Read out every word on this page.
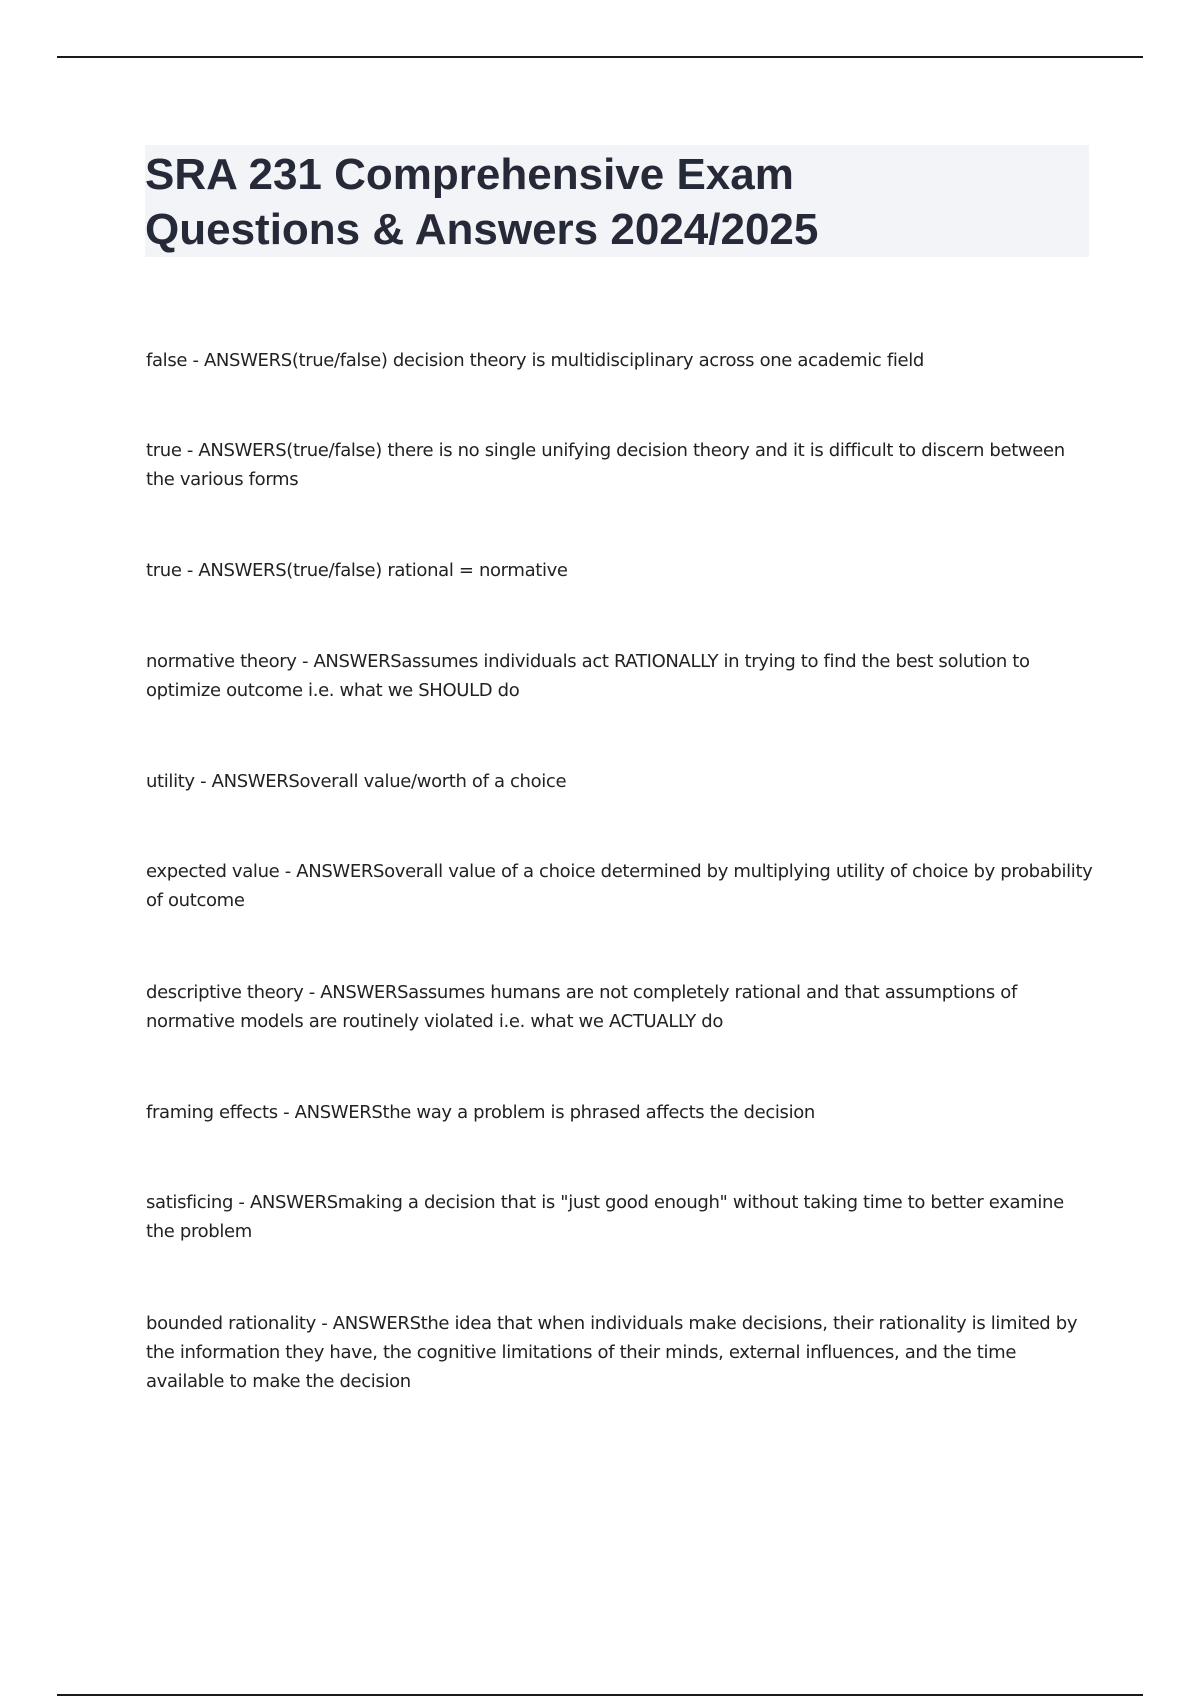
SRA 231 Comprehensive Exam
Questions & Answers 2024/2025

false - ANSWERS(true/false) decision theory is multidisciplinary across one academic field

true - ANSWERS(true/false) there is no single unifying decision theory and it is difficult to discern between the various forms

true - ANSWERS(true/false) rational = normative

normative theory - ANSWERSassumes individuals act RATIONALLY in trying to find the best solution to optimize outcome i.e. what we SHOULD do

utility - ANSWERSoverall value/worth of a choice

expected value - ANSWERSoverall value of a choice determined by multiplying utility of choice by probability of outcome

descriptive theory - ANSWERSassumes humans are not completely rational and that assumptions of normative models are routinely violated i.e. what we ACTUALLY do

framing effects - ANSWERSthe way a problem is phrased affects the decision

satisficing - ANSWERSmaking a decision that is "just good enough" without taking time to better examine the problem

bounded rationality - ANSWERSthe idea that when individuals make decisions, their rationality is limited by the information they have, the cognitive limitations of their minds, external influences, and the time available to make the decision
